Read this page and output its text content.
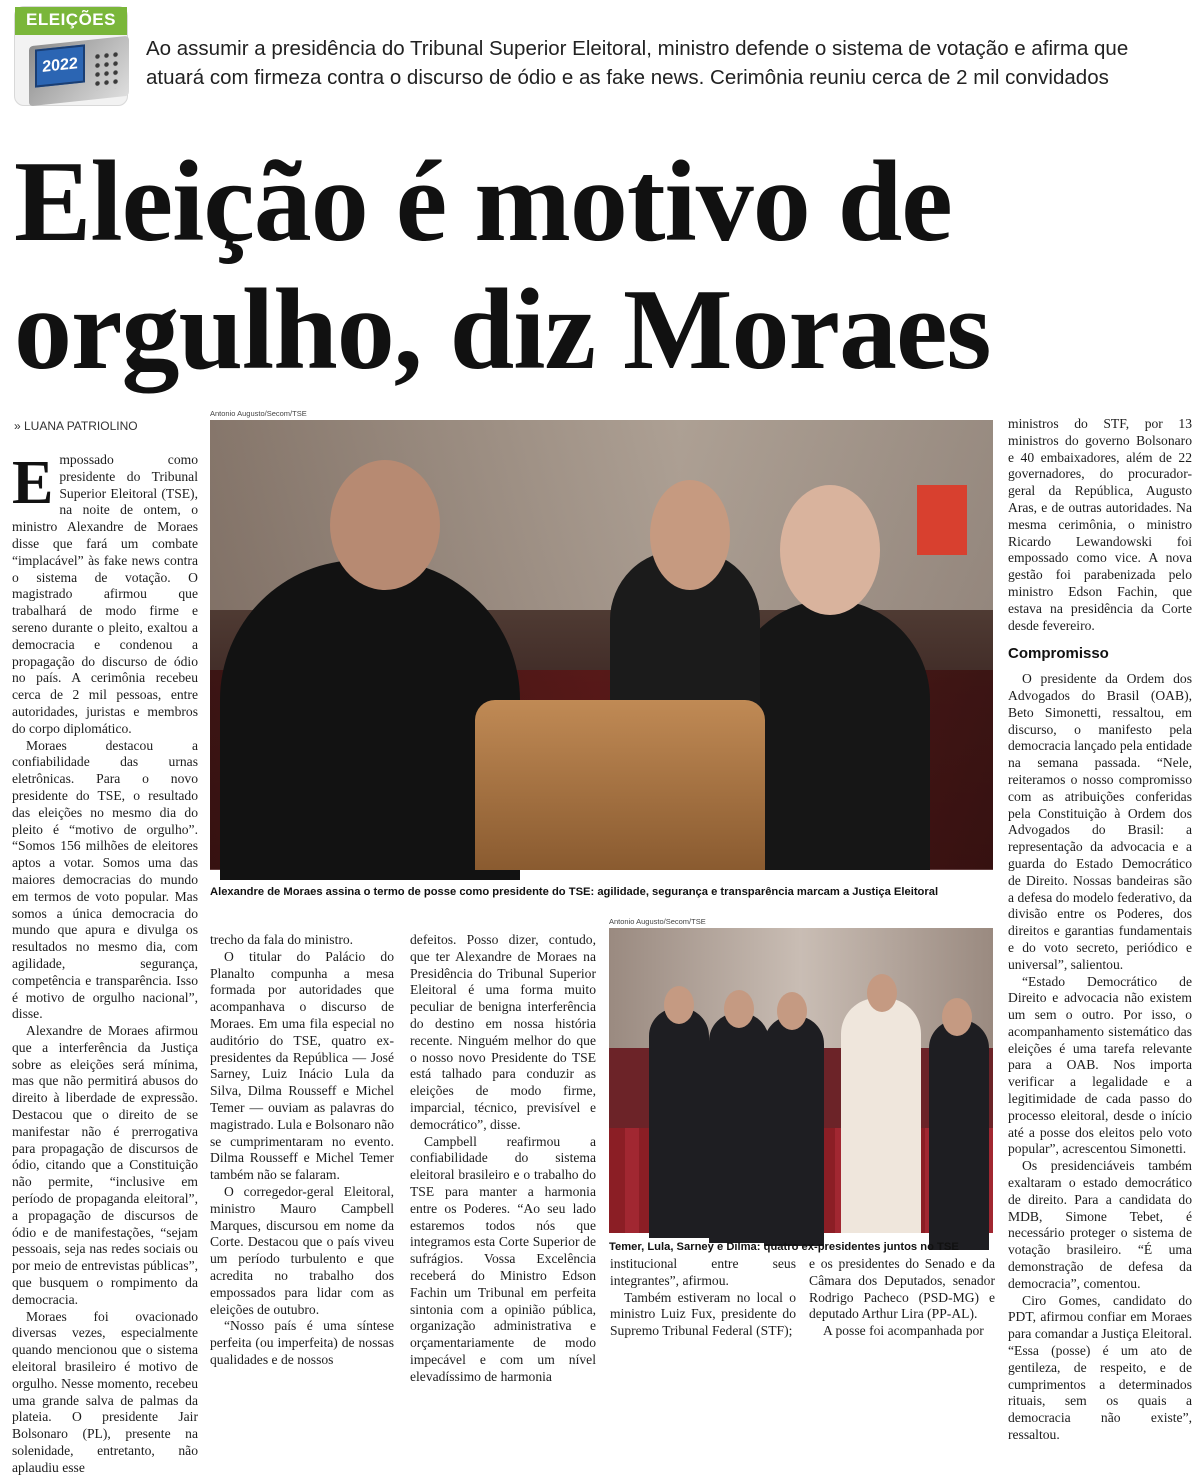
ELEIÇÕES
2022
Ao assumir a presidência do Tribunal Superior Eleitoral, ministro defende o sistema de votação e afirma que
atuará com firmeza contra o discurso de ódio e as fake news. Cerimônia reuniu cerca de 2 mil convidados
Eleição é motivo de
orgulho, diz Moraes
» LUANA PATRIOLINO
E mpossado como presidente do Tribunal Superior Eleitoral (TSE), na noite de ontem, o ministro Alexandre de Moraes disse que fará um combate “implacável” às fake news contra o sistema de votação. O magistrado afirmou que trabalhará de modo firme e sereno durante o pleito, exaltou a democracia e condenou a propagação do discurso de ódio no país. A cerimônia recebeu cerca de 2 mil pessoas, entre autoridades, juristas e membros do corpo diplomático.

Moraes destacou a confiabilidade das urnas eletrônicas. Para o novo presidente do TSE, o resultado das eleições no mesmo dia do pleito é “motivo de orgulho”. “Somos 156 milhões de eleitores aptos a votar. Somos uma das maiores democracias do mundo em termos de voto popular. Mas somos a única democracia do mundo que apura e divulga os resultados no mesmo dia, com agilidade, segurança, competência e transparência. Isso é motivo de orgulho nacional”, disse.

Alexandre de Moraes afirmou que a interferência da Justiça sobre as eleições será mínima, mas que não permitirá abusos do direito à liberdade de expressão. Destacou que o direito de se manifestar não é prerrogativa para propagação de discursos de ódio, citando que a Constituição não permite, “inclusive em período de propaganda eleitoral”, a propagação de discursos de ódio e de manifestações, “sejam pessoais, seja nas redes sociais ou por meio de entrevistas públicas”, que busquem o rompimento da democracia.

Moraes foi ovacionado diversas vezes, especialmente quando mencionou que o sistema eleitoral brasileiro é motivo de orgulho. Nesse momento, recebeu uma grande salva de palmas da plateia. O presidente Jair Bolsonaro (PL), presente na solenidade, entretanto, não aplaudiu esse

Antonio Augusto/Secom/TSE
Alexandre de Moraes assina o termo de posse como presidente do TSE: agilidade, segurança e transparência marcam a Justiça Eleitoral

trecho da fala do ministro.

O titular do Palácio do Planalto compunha a mesa formada por autoridades que acompanhava o discurso de Moraes. Em uma fila especial no auditório do TSE, quatro ex-presidentes da República — José Sarney, Luiz Inácio Lula da Silva, Dilma Rousseff e Michel Temer — ouviam as palavras do magistrado. Lula e Bolsonaro não se cumprimentaram no evento. Dilma Rousseff e Michel Temer também não se falaram.

O corregedor-geral Eleitoral, ministro Mauro Campbell Marques, discursou em nome da Corte. Destacou que o país viveu um período turbulento e que acredita no trabalho dos empossados para lidar com as eleições de outubro.

“Nosso país é uma síntese perfeita (ou imperfeita) de nossas qualidades e de nossos

defeitos. Posso dizer, contudo, que ter Alexandre de Moraes na Presidência do Tribunal Superior Eleitoral é uma forma muito peculiar de benigna interferência do destino em nossa história recente. Ninguém melhor do que o nosso novo Presidente do TSE está talhado para conduzir as eleições de modo firme, imparcial, técnico, previsível e democrático”, disse.

Campbell reafirmou a confiabilidade do sistema eleitoral brasileiro e o trabalho do TSE para manter a harmonia entre os Poderes. “Ao seu lado estaremos todos nós que integramos esta Corte Superior de sufrágios. Vossa Excelência receberá do Ministro Edson Fachin um Tribunal em perfeita sintonia com a opinião pública, organização administrativa e orçamentariamente de modo impecável e com um nível elevadíssimo de harmonia

Antonio Augusto/Secom/TSE
Temer, Lula, Sarney e Dilma: quatro ex-presidentes juntos no TSE

institucional entre seus integrantes”, afirmou.

Também estiveram no local o ministro Luiz Fux, presidente do Supremo Tribunal Federal (STF);

e os presidentes do Senado e da Câmara dos Deputados, senador Rodrigo Pacheco (PSD-MG) e deputado Arthur Lira (PP-AL).

A posse foi acompanhada por

ministros do STF, por 13 ministros do governo Bolsonaro e 40 embaixadores, além de 22 governadores, do procurador-geral da República, Augusto Aras, e de outras autoridades. Na mesma cerimônia, o ministro Ricardo Lewandowski foi empossado como vice. A nova gestão foi parabenizada pelo ministro Edson Fachin, que estava na presidência da Corte desde fevereiro.

Compromisso

O presidente da Ordem dos Advogados do Brasil (OAB), Beto Simonetti, ressaltou, em discurso, o manifesto pela democracia lançado pela entidade na semana passada. “Nele, reiteramos o nosso compromisso com as atribuições conferidas pela Constituição à Ordem dos Advogados do Brasil: a representação da advocacia e a guarda do Estado Democrático de Direito. Nossas bandeiras são a defesa do modelo federativo, da divisão entre os Poderes, dos direitos e garantias fundamentais e do voto secreto, periódico e universal”, salientou.

“Estado Democrático de Direito e advocacia não existem um sem o outro. Por isso, o acompanhamento sistemático das eleições é uma tarefa relevante para a OAB. Nos importa verificar a legalidade e a legitimidade de cada passo do processo eleitoral, desde o início até a posse dos eleitos pelo voto popular”, acrescentou Simonetti.

Os presidenciáveis também exaltaram o estado democrático de direito. Para a candidata do MDB, Simone Tebet, é necessário proteger o sistema de votação brasileiro. “É uma demonstração de defesa da democracia”, comentou.

Ciro Gomes, candidato do PDT, afirmou confiar em Moraes para comandar a Justiça Eleitoral. “Essa (posse) é um ato de gentileza, de respeito, e de cumprimentos a determinados rituais, sem os quais a democracia não existe”, ressaltou.
